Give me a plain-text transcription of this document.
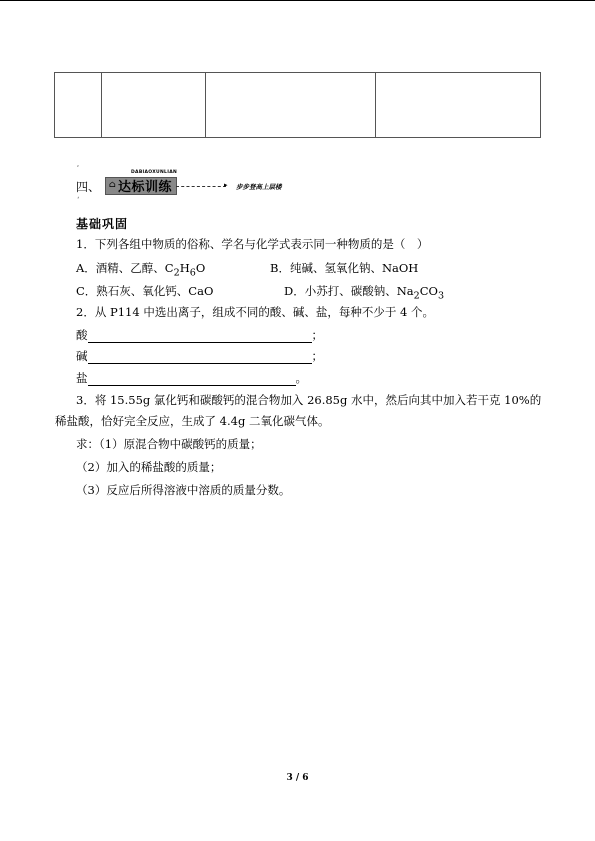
ʹ
ʻ
四、 ⌂
DABIAOXUNLIAN
达标训练	▸ 步步登高上层楼
基础巩固
1．下列各组中物质的俗称、学名与化学式表示同一种物质的是（　）
A．酒精、乙醇、$C_2H_6O$	B．纯碱、氢氧化钠、NaOH
C．熟石灰、氧化钙、CaO	D．小苏打、碳酸钠、$Na_2CO_3$
2．从 P114 中选出离子，组成不同的酸、碱、盐，每种不少于 4 个。
酸	；
碱	；
盐	。
3．将 15.55g 氯化钙和碳酸钙的混合物加入 26.85g 水中，然后向其中加入若干克 10%的
稀盐酸，恰好完全反应，生成了 4.4g 二氧化碳气体。
求：（1）原混合物中碳酸钙的质量；
（2）加入的稀盐酸的质量；
（3）反应后所得溶液中溶质的质量分数。
3 / 6
